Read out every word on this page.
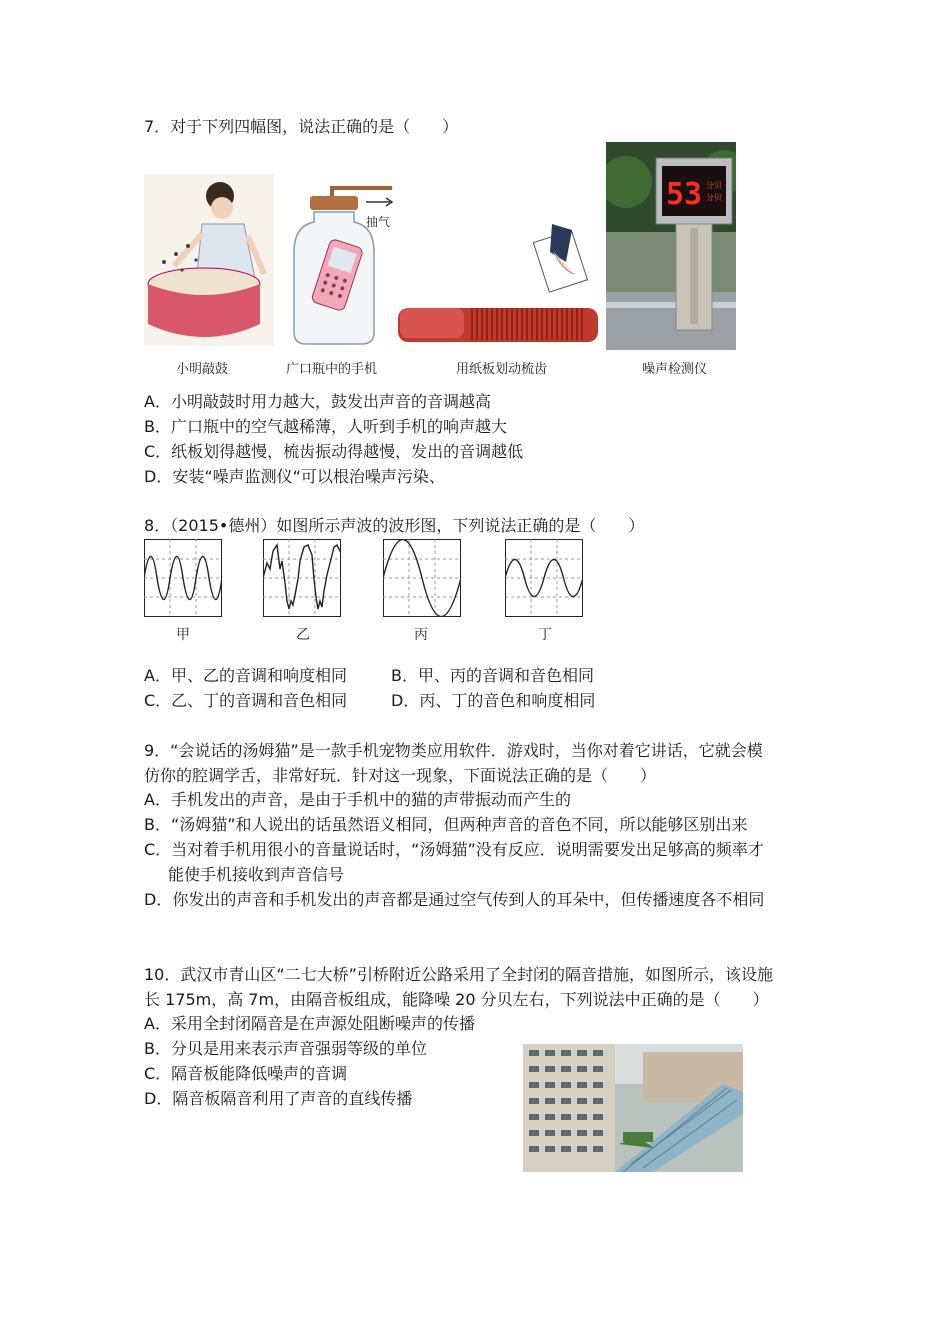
7．对于下列四幅图，说法正确的是（　　）
小明敲鼓
抽气
广口瓶中的手机	用纸板划动梳齿
53 分贝
分贝
噪声检测仪
A．小明敲鼓时用力越大，鼓发出声音的音调越高
B．广口瓶中的空气越稀薄，人听到手机的响声越大
C．纸板划得越慢，梳齿振动得越慢，发出的音调越低
D．安装“噪声监测仪“可以根治噪声污染、
8．（2015•德州）如图所示声波的波形图，下列说法正确的是（　　）
甲	乙	丙	丁
A．甲、乙的音调和响度相同	B．甲、丙的音调和音色相同
C．乙、丁的音调和音色相同	D．丙、丁的音色和响度相同
9．“会说话的汤姆猫”是一款手机宠物类应用软件．游戏时，当你对着它讲话，它就会模
仿你的腔调学舌，非常好玩．针对这一现象，下面说法正确的是（　　）
A．手机发出的声音，是由于手机中的猫的声带振动而产生的
B．“汤姆猫”和人说出的话虽然语义相同，但两种声音的音色不同，所以能够区别出来
C．当对着手机用很小的音量说话时，“汤姆猫”没有反应．说明需要发出足够高的频率才
能使手机接收到声音信号
D．你发出的声音和手机发出的声音都是通过空气传到人的耳朵中，但传播速度各不相同
10．武汉市青山区“二七大桥”引桥附近公路采用了全封闭的隔音措施，如图所示，该设施
长 175m，高 7m，由隔音板组成，能降噪 20 分贝左右，下列说法中正确的是（　　）
A．采用全封闭隔音是在声源处阻断噪声的传播
B．分贝是用来表示声音强弱等级的单位
C．隔音板能降低噪声的音调
D．隔音板隔音利用了声音的直线传播
